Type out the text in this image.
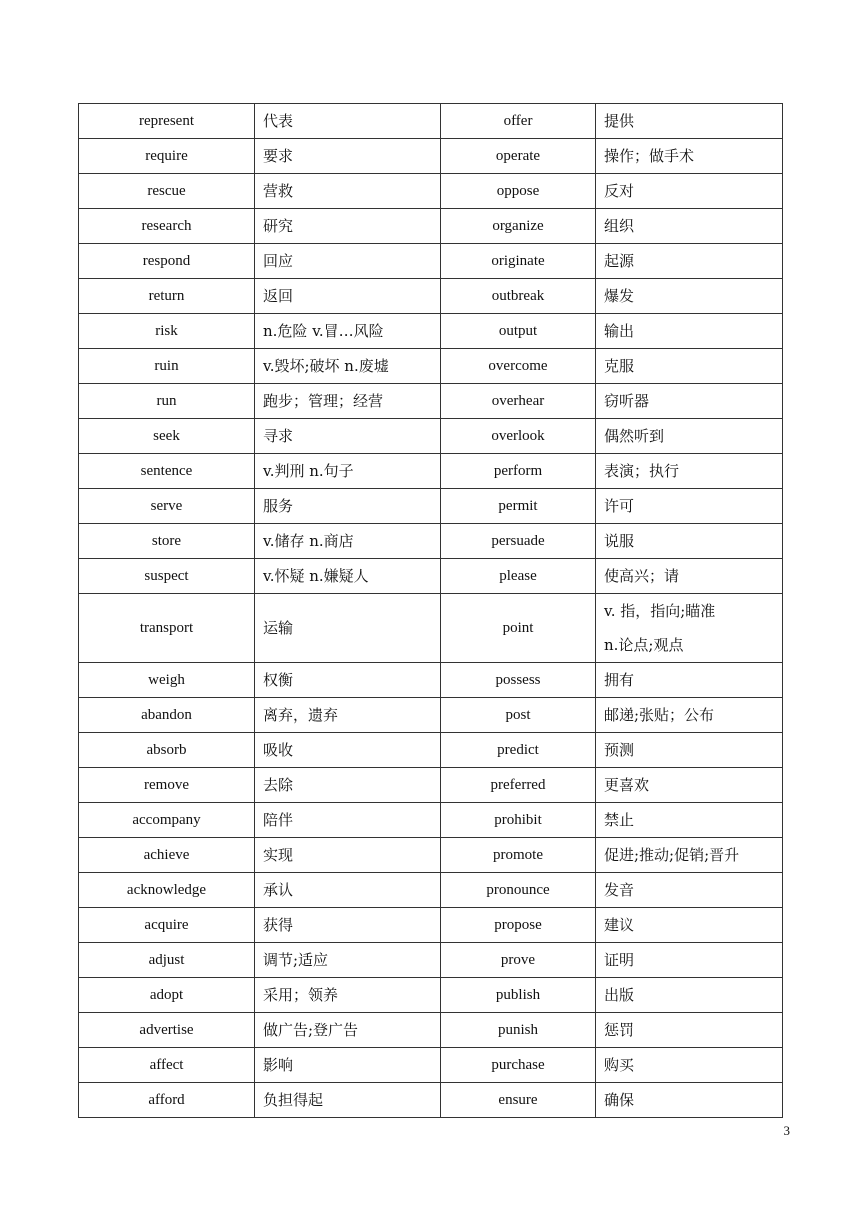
represent	代表	offer	提供
require	要求	operate	操作；做手术
rescue	营救	oppose	反对
research	研究	organize	组织
respond	回应	originate	起源
return	返回	outbreak	爆发
risk	n.危险 v.冒…风险	output	输出
ruin	v.毁坏;破坏 n.废墟	overcome	克服
run	跑步；管理；经营	overhear	窃听器
seek	寻求	overlook	偶然听到
sentence	v.判刑 n.句子	perform	表演；执行
serve	服务	permit	许可
store	v.储存 n.商店	persuade	说服
suspect	v.怀疑 n.嫌疑人	please	使高兴；请
transport	运输	point	v. 指，指向;瞄准
n.论点;观点

weigh	权衡	possess	拥有
abandon	离弃，遗弃	post	邮递;张贴；公布
absorb	吸收	predict	预测
remove	去除	preferred	更喜欢
accompany	陪伴	prohibit	禁止
achieve	实现	promote	促进;推动;促销;晋升
acknowledge	承认	pronounce	发音
acquire	获得	propose	建议
adjust	调节;适应	prove	证明
adopt	采用；领养	publish	出版
advertise	做广告;登广告	punish	惩罚
affect	影响	purchase	购买
afford	负担得起	ensure	确保
3
